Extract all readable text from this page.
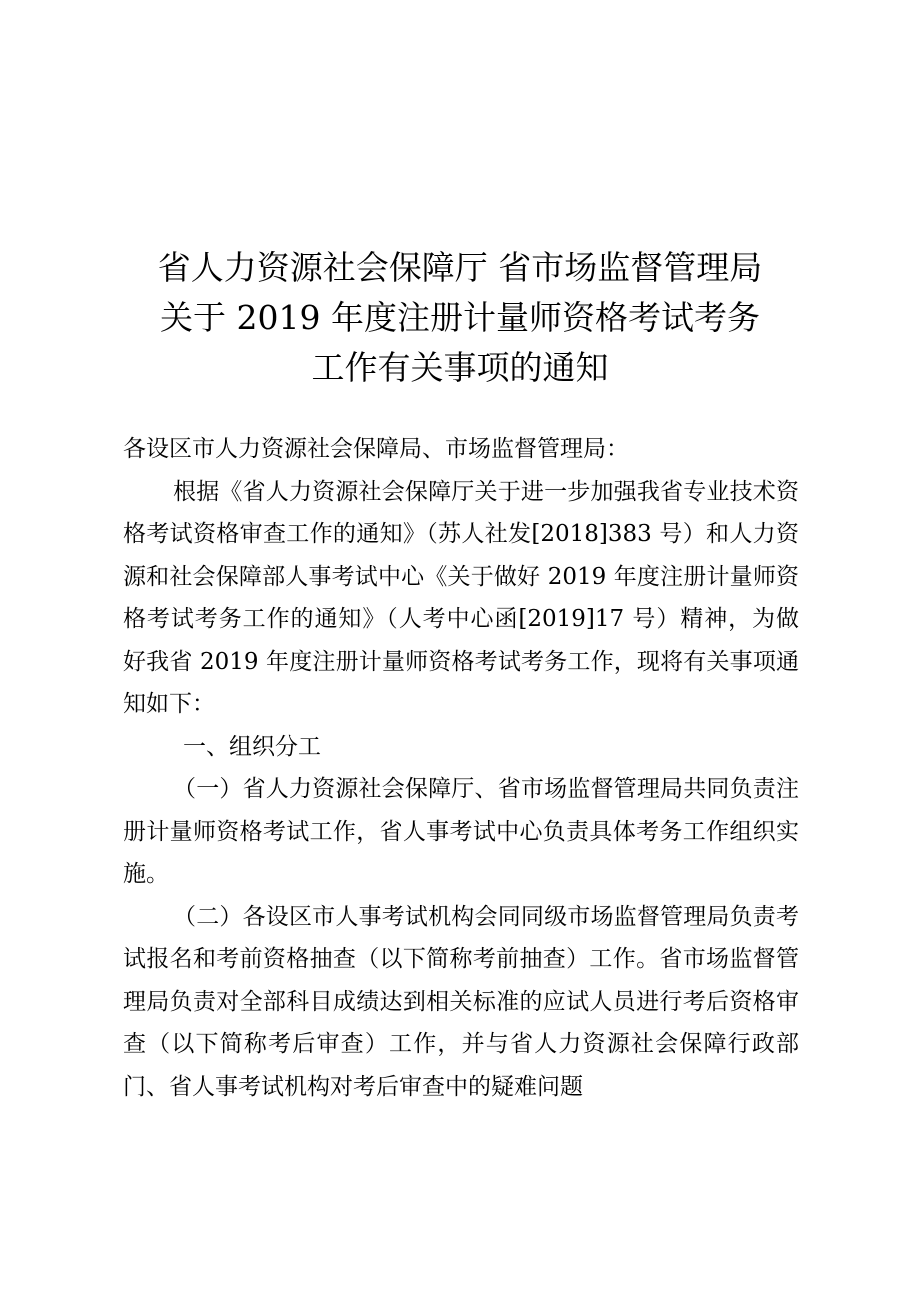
省人力资源社会保障厅 省市场监督管理局
关于 2019 年度注册计量师资格考试考务
工作有关事项的通知

各设区市人力资源社会保障局、市场监督管理局：

根据《省人力资源社会保障厅关于进一步加强我省专业技术资格考试资格审查工作的通知》（苏人社发[2018]383 号）和人力资源和社会保障部人事考试中心《关于做好 2019 年度注册计量师资格考试考务工作的通知》（人考中心函[2019]17 号）精神，为做好我省 2019 年度注册计量师资格考试考务工作，现将有关事项通知如下：

一、组织分工

（一）省人力资源社会保障厅、省市场监督管理局共同负责注册计量师资格考试工作，省人事考试中心负责具体考务工作组织实施。

（二）各设区市人事考试机构会同同级市场监督管理局负责考试报名和考前资格抽查（以下简称考前抽查）工作。省市场监督管理局负责对全部科目成绩达到相关标准的应试人员进行考后资格审查（以下简称考后审查）工作，并与省人力资源社会保障行政部门、省人事考试机构对考后审查中的疑难问题
